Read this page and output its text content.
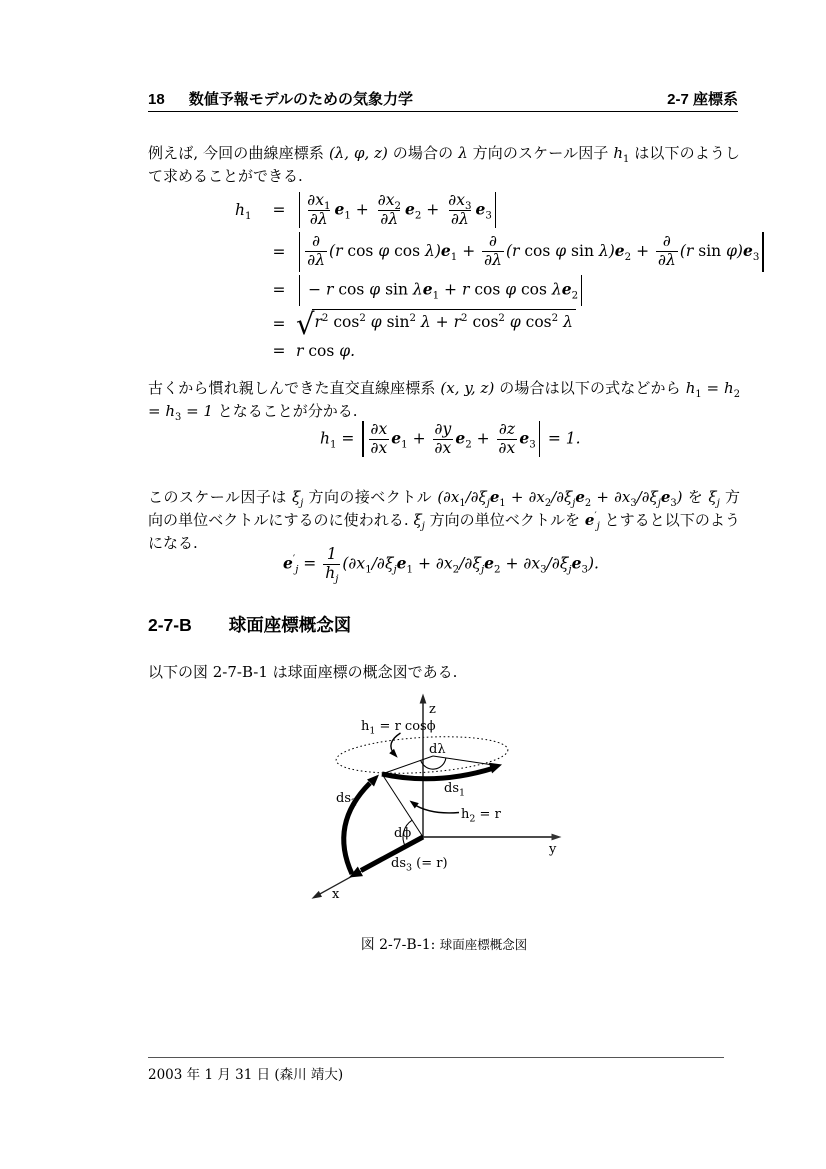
18 数値予報モデルのための気象力学	2-7 座標系
例えば, 今回の曲線座標系 (λ, φ, z) の場合の λ 方向のスケール因子 $h_1$ は以下のようして求めることができる.
$h_1$	= ‖ $\frac{\partial x_1}{\partial\lambda} e_1 + \frac{\partial x_2}{\partial\lambda} e_2 + \frac{\partial x_3}{\partial\lambda} e_3$ ‖
= ‖ $\frac{\partial}{\partial\lambda} (r$ cos φ $\cos \lambda)e_1 + \frac{\partial}{\partial\lambda} (r$ cos φ $\sin \lambda)e_2 + \frac{\partial}{\partial\lambda} (r$ $\sin \varphi)e_3$ ‖
= ‖ − r cos φ $\sin \lambda e_1 + r$ cos φ $\cos \lambda e_2$ ‖
= √ $r^2$ $\cos^2 \varphi$ $\sin^2 \lambda + r^2$ $\cos^2 \varphi$ $\cos^2 \lambda$
= r cos φ.
古くから慣れ親しんできた直交直線座標系 (x, y, z) の場合は以下の式などから $h_1 = h_2 = h_3 = 1$ となることが分かる.
$h_1$ = ‖ $\frac{\partial x}{\partial x} e_1 + \frac{\partial y}{\partial x} e_2 + \frac{\partial z}{\partial x} e_3$ ‖ = 1.
このスケール因子は $\xi_j$ 方向の接ベクトル $(\partial x_1/\partial\xi_je_1 + \partial x_2/\partial\xi_je_2 + \partial x_3/\partial\xi_je_3)$ を $\xi_j$ 方向の単位ベクトルにするのに使われる. $\xi_j$ 方向の単位ベクトルを $e'_j$ とすると以下のようになる.
$e'_j = \frac{1}{h_j} (\partial x_1/\partial\xi_je_1 + \partial x_2/\partial\xi_je_2 + \partial x_3/\partial\xi_je_3)$.
2-7-B 球面座標概念図
以下の図 2-7-B-1 は球面座標の概念図である.
z
y
x
dλ
dϕ
$h_1 = r$ cosϕ
$h_2 = r$
$ds_1$
$ds_2$
$ds_3$ (= r)
図 2-7-B-1: 球面座標概念図
2003 年 1 月 31 日 (森川 靖大)
